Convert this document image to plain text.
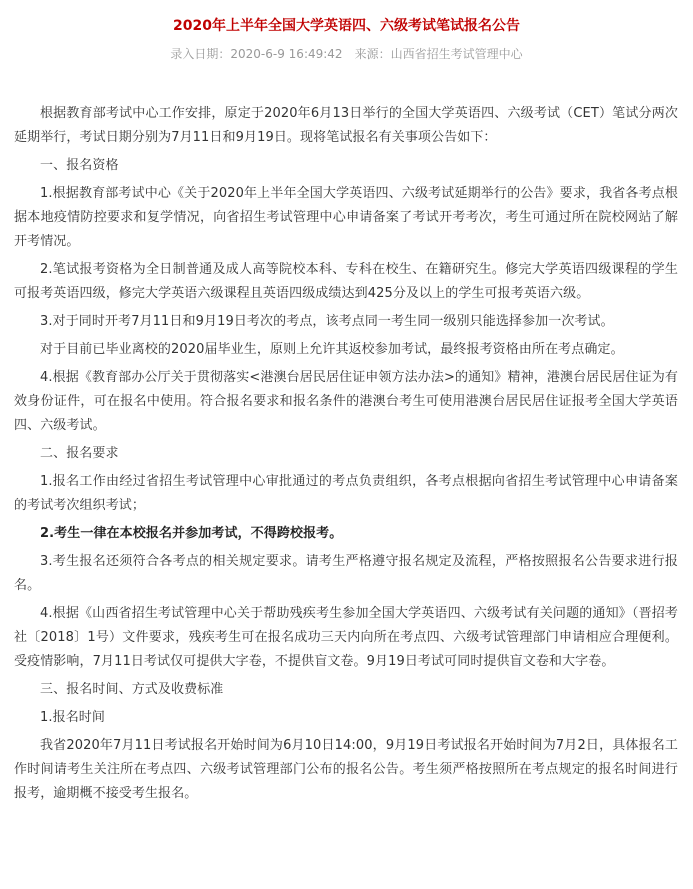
2020年上半年全国大学英语四、六级考试笔试报名公告
录入日期：2020-6-9 16:49:42 来源：山西省招生考试管理中心

根据教育部考试中心工作安排，原定于2020年6月13日举行的全国大学英语四、六级考试（CET）笔试分两次延期举行，考试日期分别为7月11日和9月19日。现将笔试报名有关事项公告如下：

一、报名资格

1.根据教育部考试中心《关于2020年上半年全国大学英语四、六级考试延期举行的公告》要求，我省各考点根据本地疫情防控要求和复学情况，向省招生考试管理中心申请备案了考试开考考次，考生可通过所在院校网站了解开考情况。

2.笔试报考资格为全日制普通及成人高等院校本科、专科在校生、在籍研究生。修完大学英语四级课程的学生可报考英语四级，修完大学英语六级课程且英语四级成绩达到425分及以上的学生可报考英语六级。

3.对于同时开考7月11日和9月19日考次的考点，该考点同一考生同一级别只能选择参加一次考试。

对于目前已毕业离校的2020届毕业生，原则上允许其返校参加考试，最终报考资格由所在考点确定。

4.根据《教育部办公厅关于贯彻落实<港澳台居民居住证申领方法办法>的通知》精神，港澳台居民居住证为有效身份证件，可在报名中使用。符合报名要求和报名条件的港澳台考生可使用港澳台居民居住证报考全国大学英语四、六级考试。

二、报名要求

1.报名工作由经过省招生考试管理中心审批通过的考点负责组织，各考点根据向省招生考试管理中心申请备案的考试考次组织考试；

2.考生一律在本校报名并参加考试，不得跨校报考。

3.考生报名还须符合各考点的相关规定要求。请考生严格遵守报名规定及流程，严格按照报名公告要求进行报名。

4.根据《山西省招生考试管理中心关于帮助残疾考生参加全国大学英语四、六级考试有关问题的通知》（晋招考社〔2018〕1号）文件要求，残疾考生可在报名成功三天内向所在考点四、六级考试管理部门申请相应合理便利。受疫情影响，7月11日考试仅可提供大字卷，不提供盲文卷。9月19日考试可同时提供盲文卷和大字卷。

三、报名时间、方式及收费标准

1.报名时间

我省2020年7月11日考试报名开始时间为6月10日14:00，9月19日考试报名开始时间为7月2日，具体报名工作时间请考生关注所在考点四、六级考试管理部门公布的报名公告。考生须严格按照所在考点规定的报名时间进行报考，逾期概不接受考生报名。
